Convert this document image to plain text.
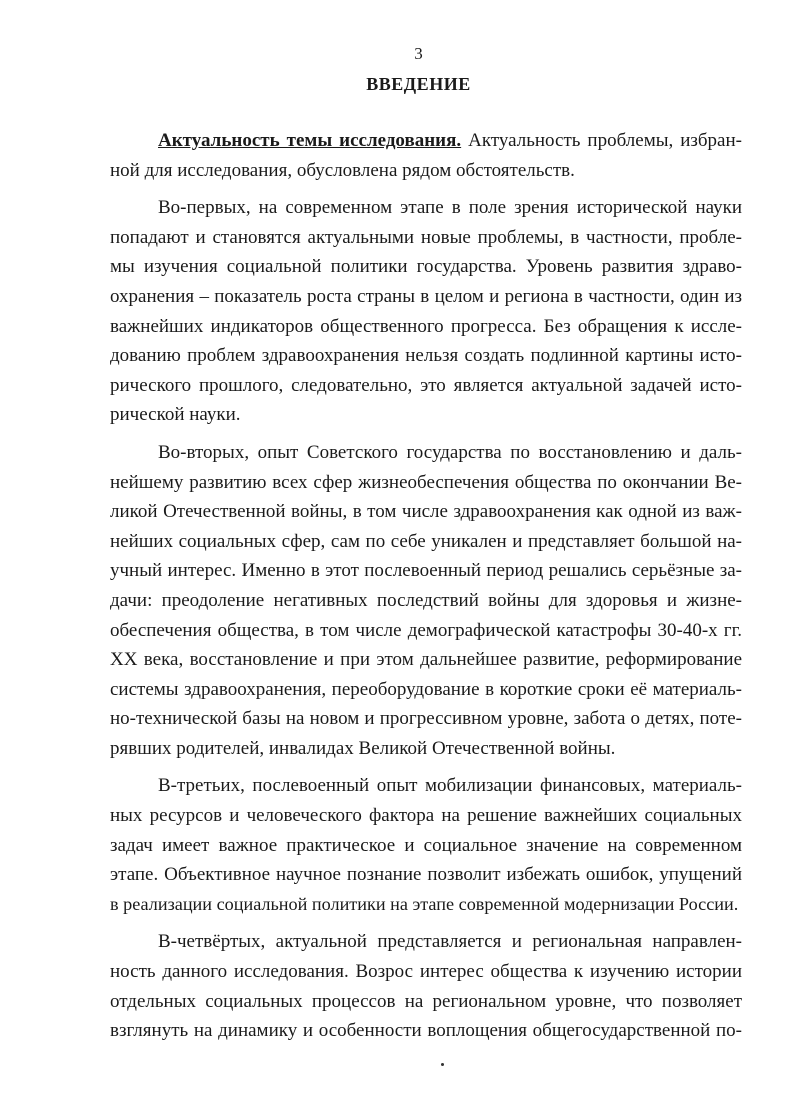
3
ВВЕДЕНИЕ
Актуальность темы исследования. Актуальность проблемы, избран-
ной для исследования, обусловлена рядом обстоятельств.
Во-первых, на современном этапе в поле зрения исторической науки
попадают и становятся актуальными новые проблемы, в частности, пробле-
мы изучения социальной политики государства. Уровень развития здраво-
охранения – показатель роста страны в целом и региона в частности, один из
важнейших индикаторов общественного прогресса. Без обращения к иссле-
дованию проблем здравоохранения нельзя создать подлинной картины исто-
рического прошлого, следовательно, это является актуальной задачей исто-
рической науки.
Во-вторых, опыт Советского государства по восстановлению и даль-
нейшему развитию всех сфер жизнеобеспечения общества по окончании Ве-
ликой Отечественной войны, в том числе здравоохранения как одной из важ-
нейших социальных сфер, сам по себе уникален и представляет большой на-
учный интерес. Именно в этот послевоенный период решались серьёзные за-
дачи: преодоление негативных последствий войны для здоровья и жизне-
обеспечения общества, в том числе демографической катастрофы 30-40-х гг.
XX века, восстановление и при этом дальнейшее развитие, реформирование
системы здравоохранения, переоборудование в короткие сроки её материаль-
но-технической базы на новом и прогрессивном уровне, забота о детях, поте-
рявших родителей, инвалидах Великой Отечественной войны.
В-третьих, послевоенный опыт мобилизации финансовых, материаль-
ных ресурсов и человеческого фактора на решение важнейших социальных
задач имеет важное практическое и социальное значение на современном
этапе. Объективное научное познание позволит избежать ошибок, упущений
в реализации социальной политики на этапе современной модернизации России.
В-четвёртых, актуальной представляется и региональная направлен-
ность данного исследования. Возрос интерес общества к изучению истории
отдельных социальных процессов на региональном уровне, что позволяет
взглянуть на динамику и особенности воплощения общегосударственной по-
